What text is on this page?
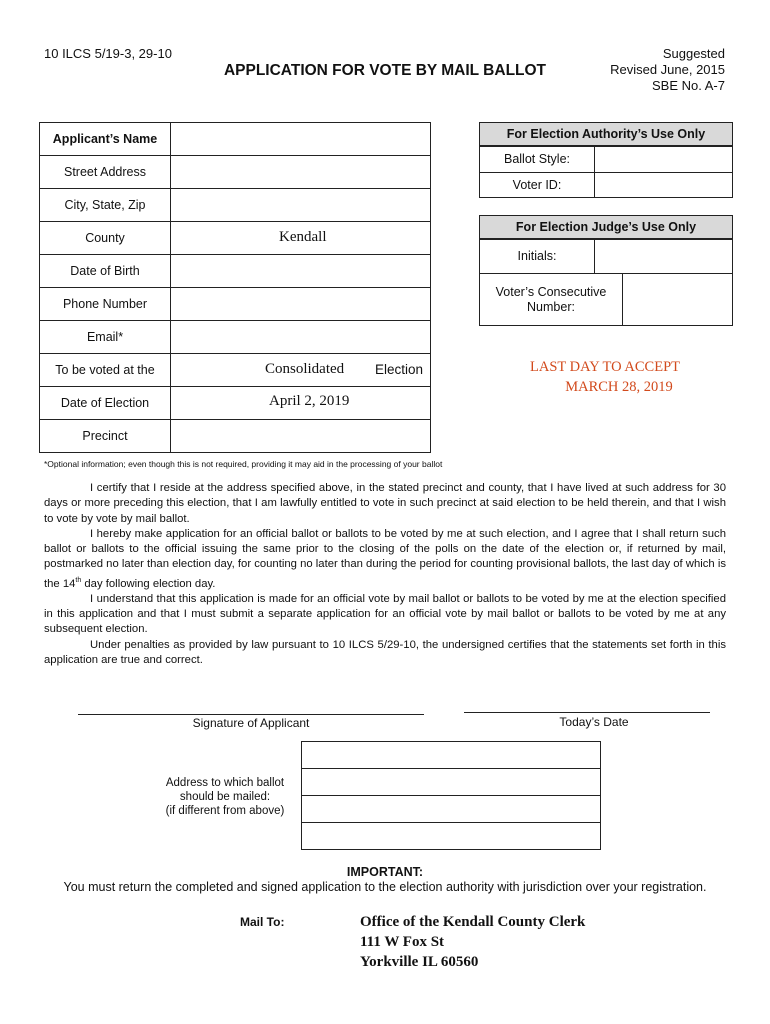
10 ILCS 5/19-3, 29-10
APPLICATION FOR VOTE BY MAIL BALLOT
Suggested
Revised June, 2015
SBE No. A-7
Applicant’s Name	
Street Address	
City, State, Zip	
County	Kendall

Date of Birth	
Phone Number	
Email*	
To be voted at the	Consolidated Election

Date of Election	April 2, 2019

Precinct	
For Election Authority’s Use Only
Ballot Style:
Voter ID:
For Election Judge’s Use Only
Initials:
Voter’s Consecutive Number:
LAST DAY TO ACCEPT
MARCH 28, 2019
*Optional information; even though this is not required, providing it may aid in the processing of your ballot

I certify that I reside at the address specified above, in the stated precinct and county, that I have lived at such address for 30 days or more preceding this election, that I am lawfully entitled to vote in such precinct at said election to be held therein, and that I wish to vote by vote by mail ballot.

I hereby make application for an official ballot or ballots to be voted by me at such election, and I agree that I shall return such ballot or ballots to the official issuing the same prior to the closing of the polls on the date of the election or, if returned by mail, postmarked no later than election day, for counting no later than during the period for counting provisional ballots, the last day of which is the 14th day following election day.

I understand that this application is made for an official vote by mail ballot or ballots to be voted by me at the election specified in this application and that I must submit a separate application for an official vote by mail ballot or ballots to be voted by me at any subsequent election.

Under penalties as provided by law pursuant to 10 ILCS 5/29-10, the undersigned certifies that the statements set forth in this application are true and correct.

Signature of Applicant	Today’s Date

Address to which ballot
should be mailed:
(if different from above)
IMPORTANT:
You must return the completed and signed application to the election authority with jurisdiction over your registration.
Mail To:	Office of the Kendall County Clerk
111 W Fox St
Yorkville IL 60560
